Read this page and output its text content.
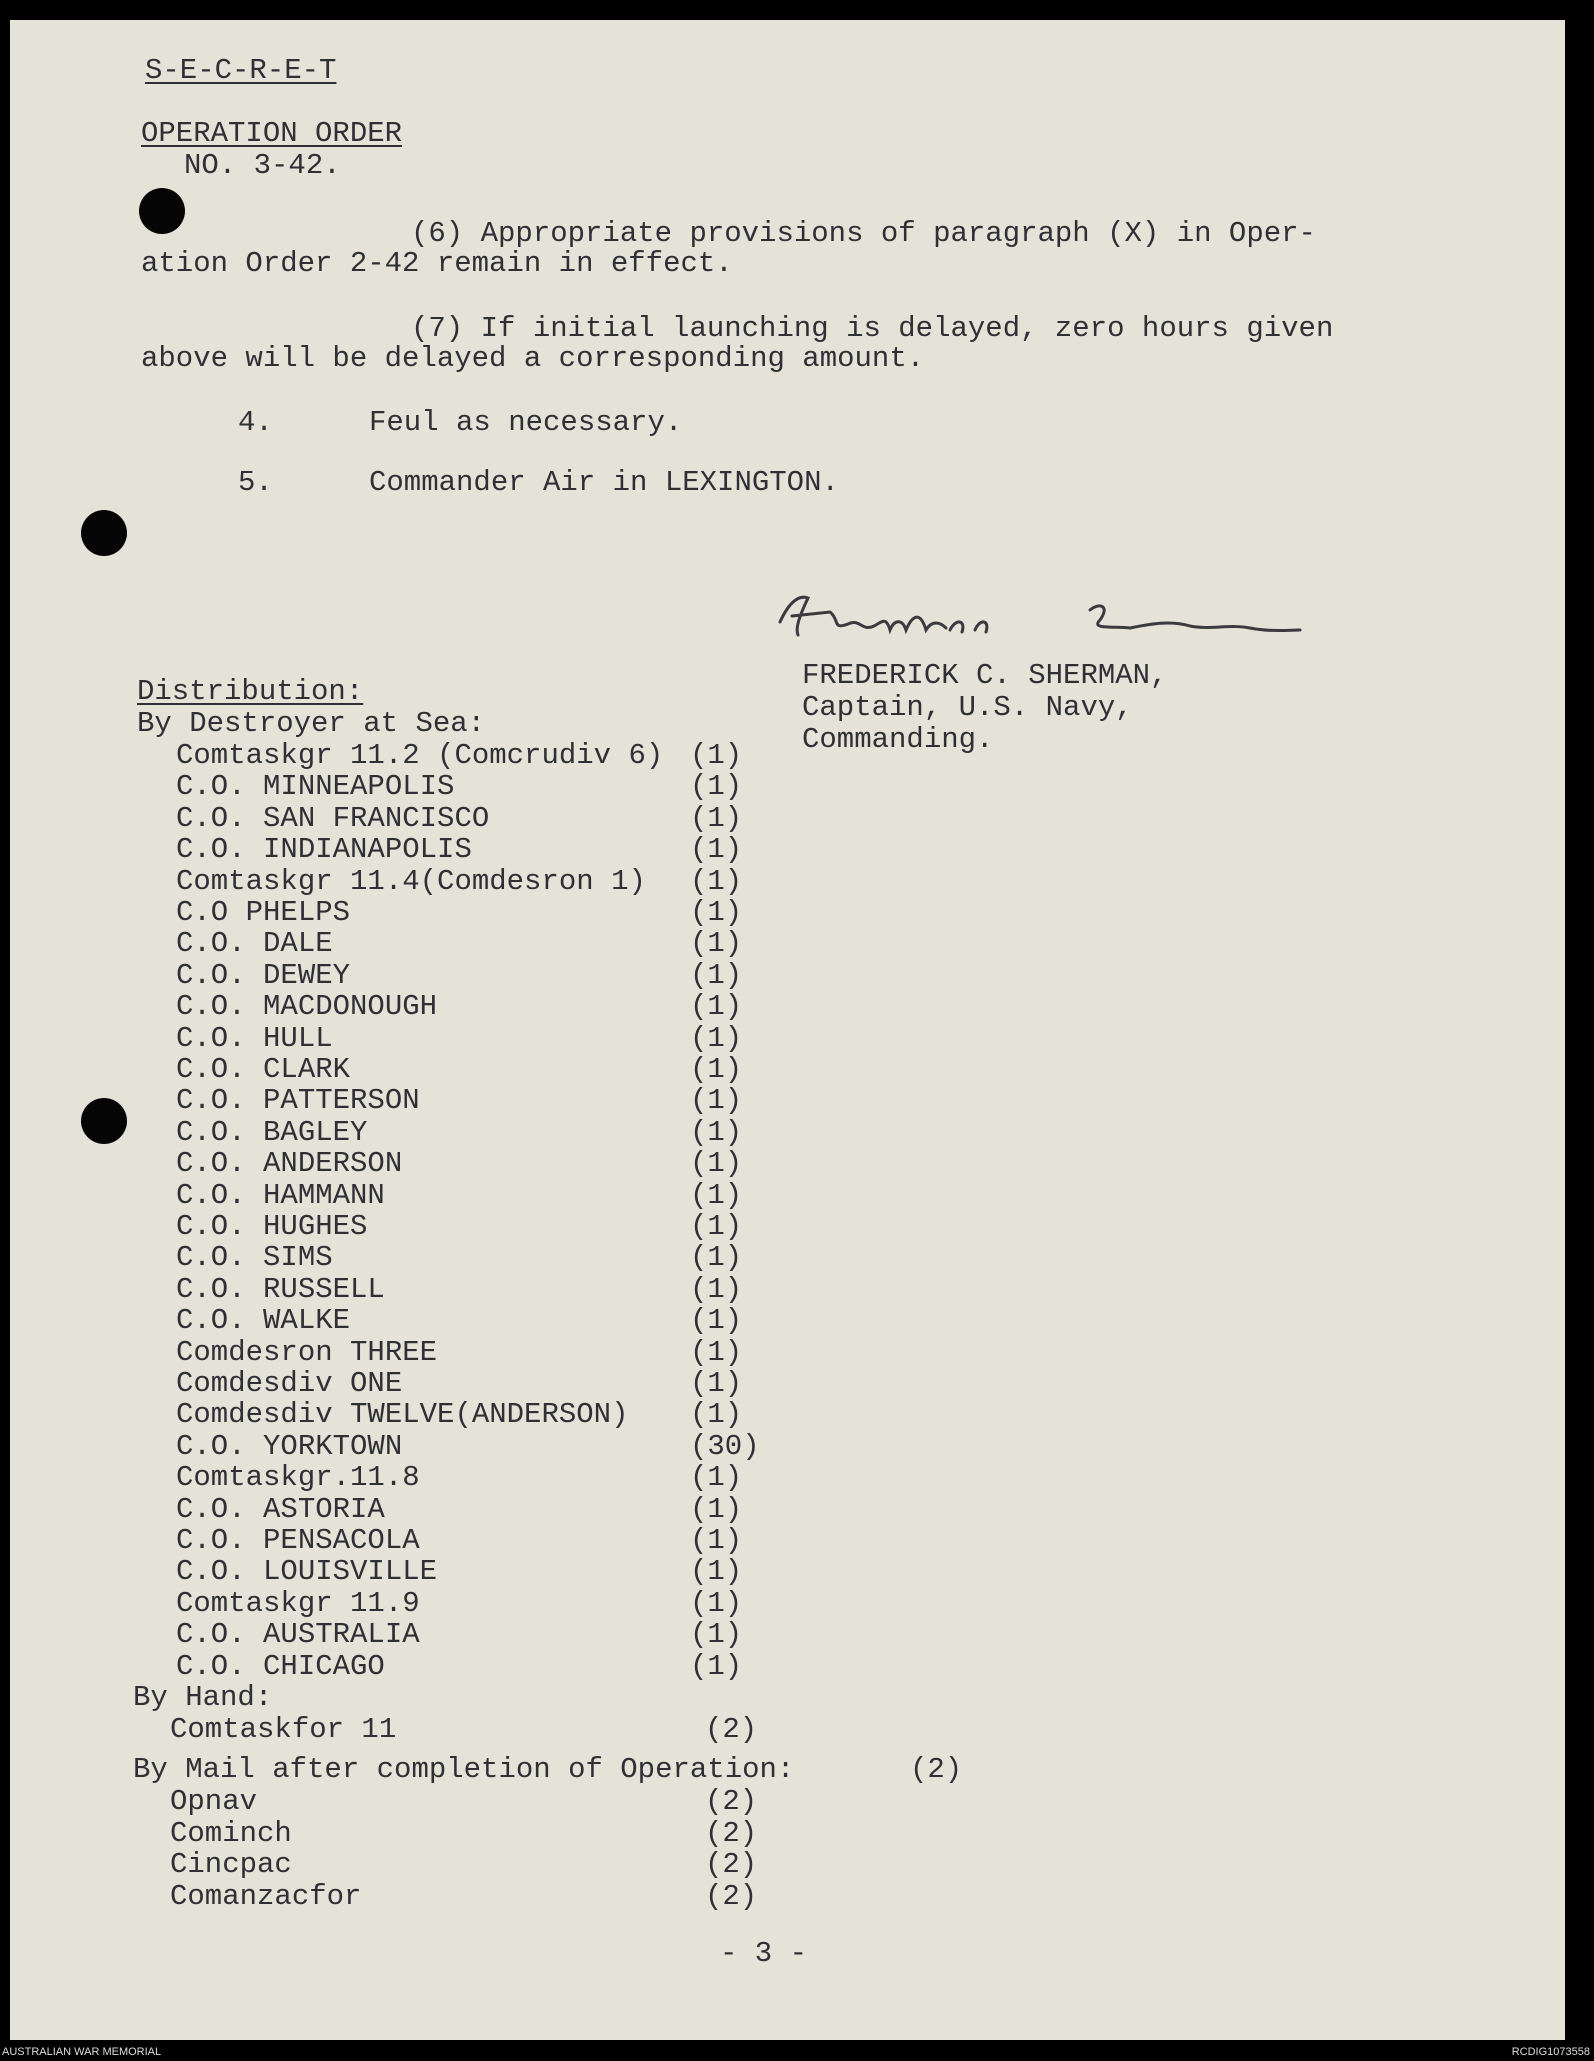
S-E-C-R-E-T
OPERATION ORDER
NO. 3-42.
(6) Appropriate provisions of paragraph (X) in Oper-
ation Order 2-42 remain in effect.
(7) If initial launching is delayed, zero hours given
above will be delayed a corresponding amount.
4.	Feul as necessary.
5.	Commander Air in LEXINGTON.
FREDERICK C. SHERMAN,
Captain, U.S. Navy,
Commanding.
Distribution:
By Destroyer at Sea:
Comtaskgr 11.2 (Comcrudiv 6) (1)
C.O. MINNEAPOLIS	(1)
C.O. SAN FRANCISCO	(1)
C.O. INDIANAPOLIS	(1)
Comtaskgr 11.4(Comdesron 1) (1)
C.O PHELPS	(1)
C.O. DALE	(1)
C.O. DEWEY	(1)
C.O. MACDONOUGH	(1)
C.O. HULL	(1)
C.O. CLARK	(1)
C.O. PATTERSON	(1)
C.O. BAGLEY	(1)
C.O. ANDERSON	(1)
C.O. HAMMANN	(1)
C.O. HUGHES	(1)
C.O. SIMS	(1)
C.O. RUSSELL	(1)
C.O. WALKE	(1)
Comdesron THREE	(1)
Comdesdiv ONE	(1)
Comdesdiv TWELVE(ANDERSON) (1)
C.O. YORKTOWN	(30)
Comtaskgr.11.8	(1)
C.O. ASTORIA	(1)
C.O. PENSACOLA	(1)
C.O. LOUISVILLE	(1)
Comtaskgr 11.9	(1)
C.O. AUSTRALIA	(1)
C.O. CHICAGO	(1)
By Hand:
Comtaskfor 11	(2)
By Mail after completion of Operation:	(2)
Opnav	(2)
Cominch	(2)
Cincpac	(2)
Comanzacfor	(2)
- 3 -
AUSTRALIAN WAR MEMORIAL	RCDIG1073558
